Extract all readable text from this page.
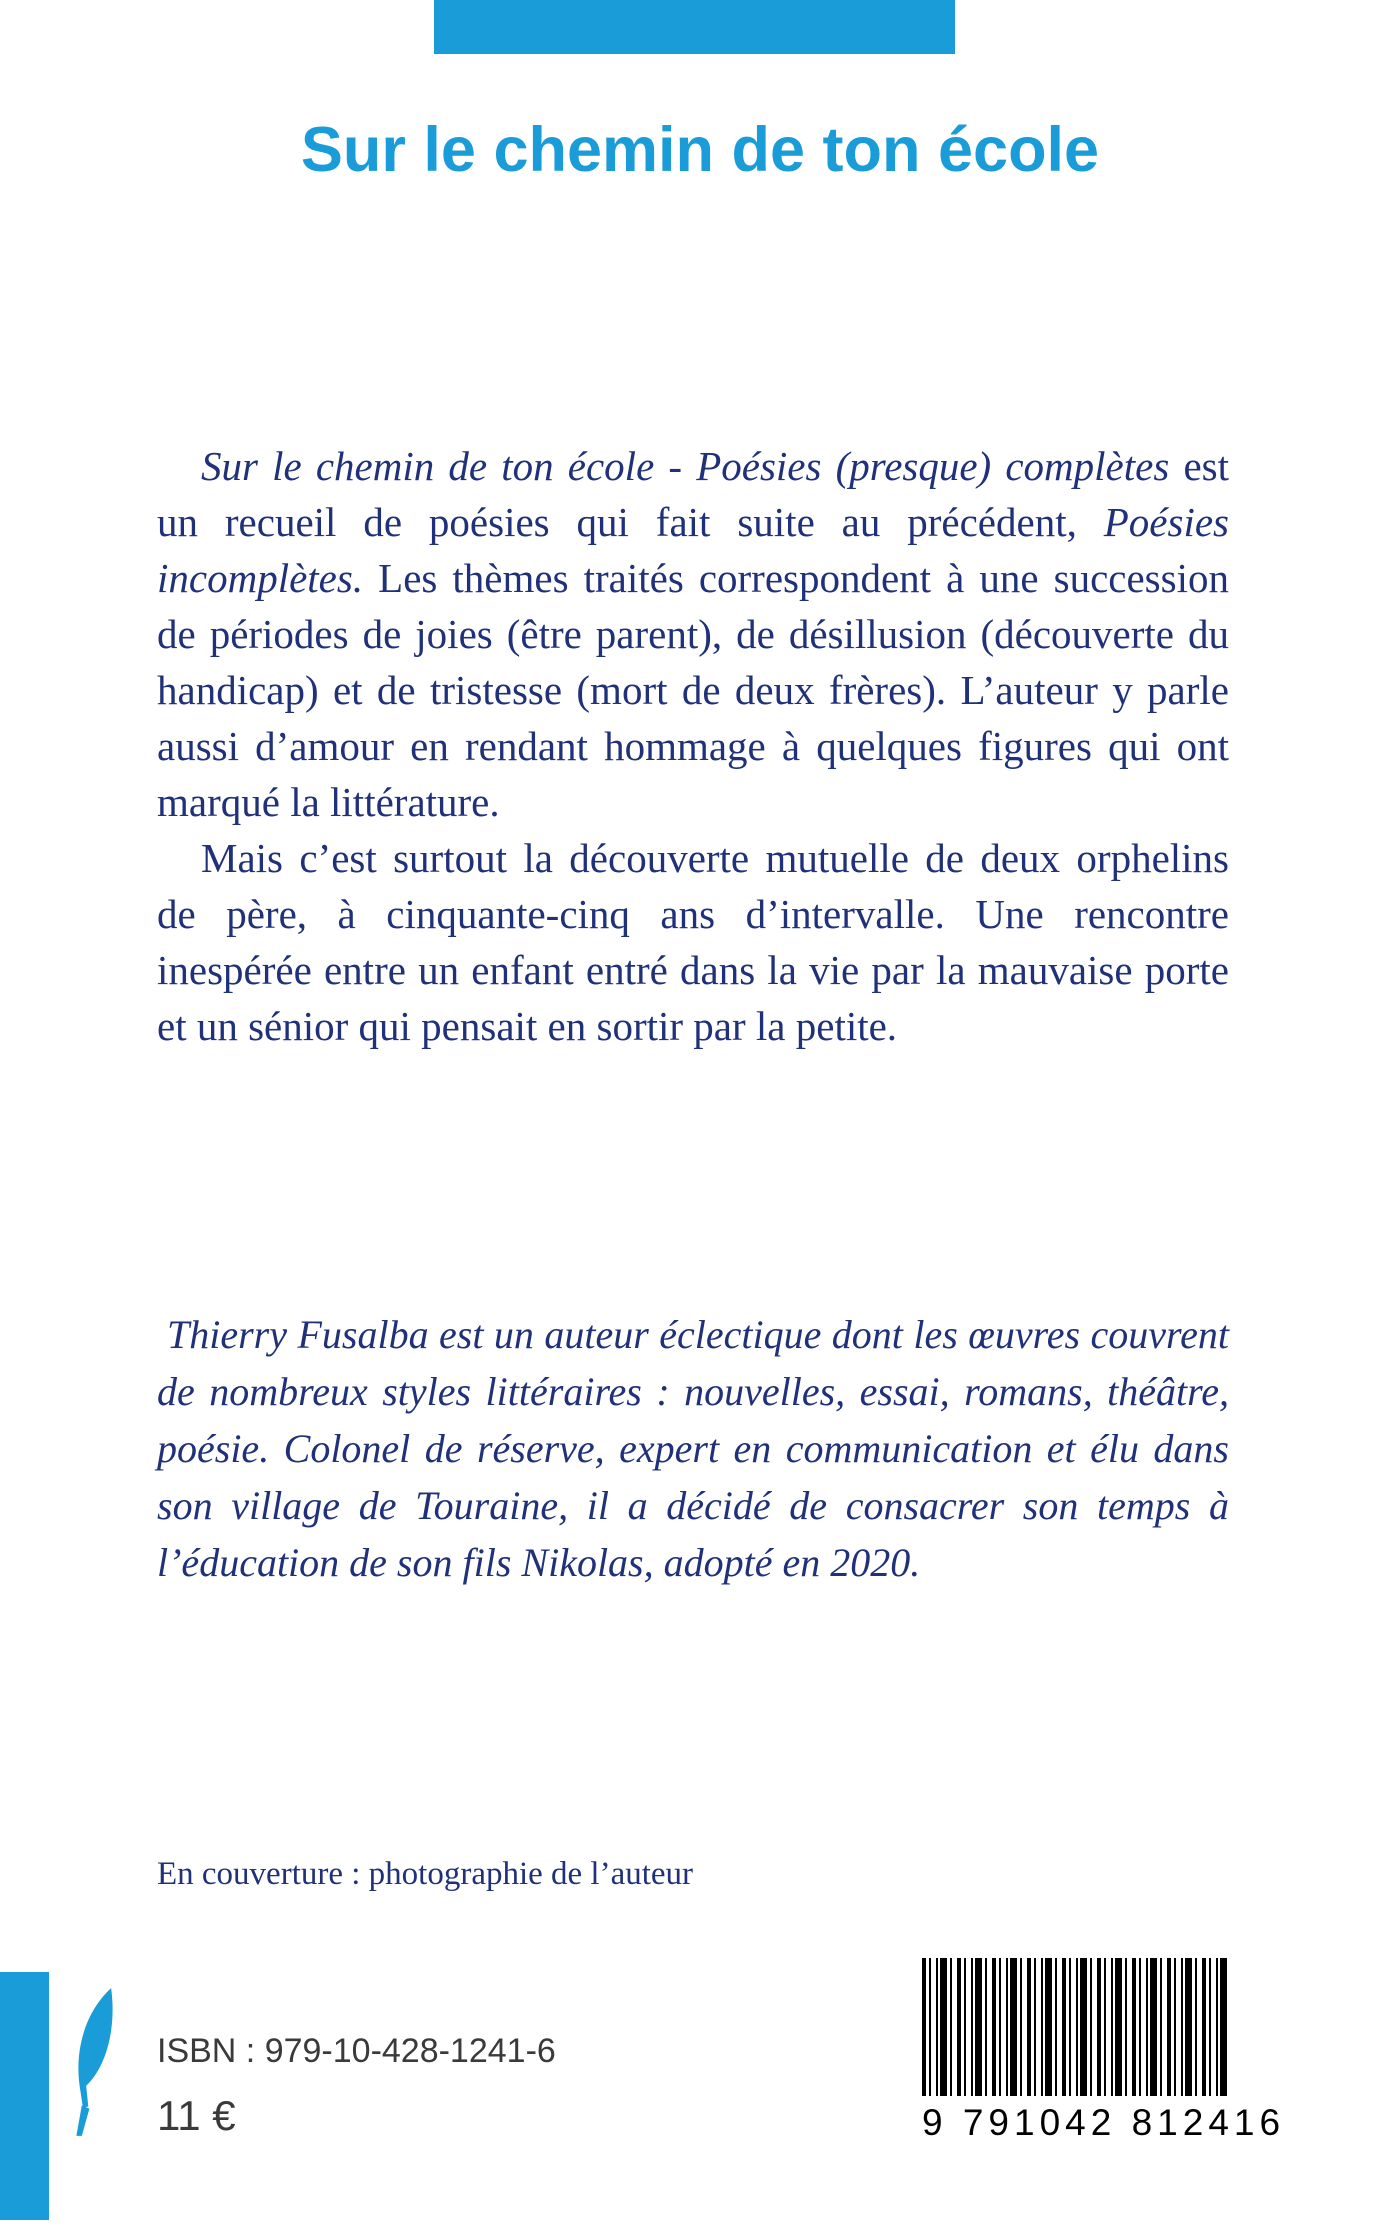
Sur le chemin de ton école

Sur le chemin de ton école - Poésies (presque) complètes est un recueil de poésies qui fait suite au précédent, Poésies incomplètes. Les thèmes traités correspondent à une succession de périodes de joies (être parent), de désillusion (découverte du handicap) et de tristesse (mort de deux frères). L’auteur y parle aussi d’amour en rendant hommage à quelques figures qui ont marqué la littérature.

Mais c’est surtout la découverte mutuelle de deux orphelins de père, à cinquante-cinq ans d’intervalle. Une rencontre inespérée entre un enfant entré dans la vie par la mauvaise porte et un sénior qui pensait en sortir par la petite.

Thierry Fusalba est un auteur éclectique dont les œuvres couvrent de nombreux styles littéraires : nouvelles, essai, romans, théâtre, poésie. Colonel de réserve, expert en communication et élu dans son village de Touraine, il a décidé de consacrer son temps à l’éducation de son fils Nikolas, adopté en 2020.

En couverture : photographie de l’auteur

ISBN : 979-10-428-1241-6
11 €	9 791042 812416
